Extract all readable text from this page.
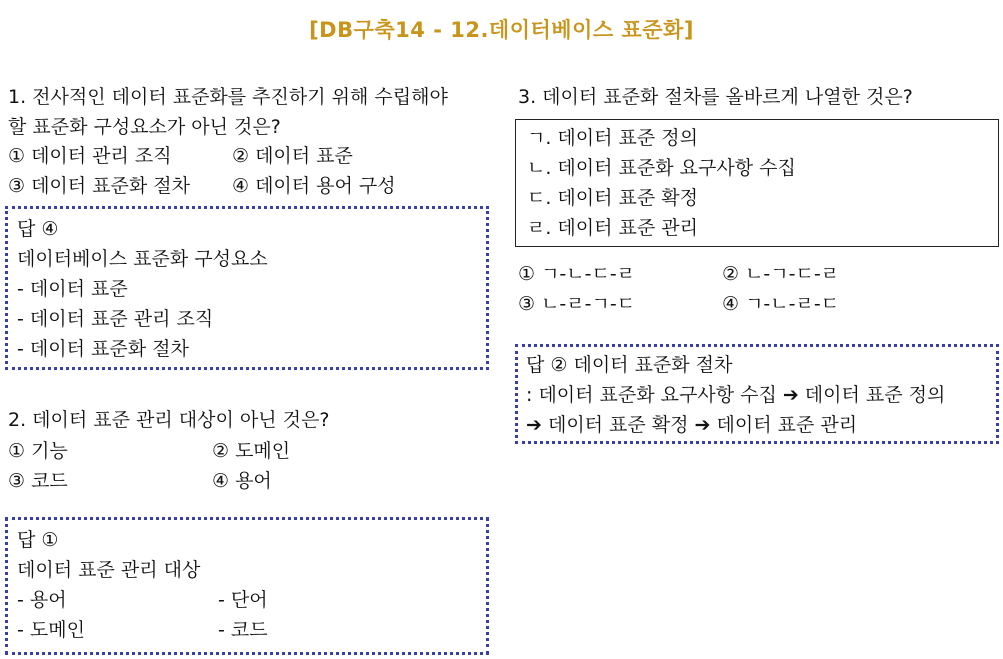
[DB구축14 - 12.데이터베이스 표준화]
1. 전사적인 데이터 표준화를 추진하기 위해 수립해야
할 표준화 구성요소가 아닌 것은?
① 데이터 관리 조직	② 데이터 표준
③ 데이터 표준화 절차 ④ 데이터 용어 구성
답 ④
데이터베이스 표준화 구성요소
- 데이터 표준
- 데이터 표준 관리 조직
- 데이터 표준화 절차
2. 데이터 표준 관리 대상이 아닌 것은?
① 기능	② 도메인
③ 코드	④ 용어
답 ①
데이터 표준 관리 대상
- 용어	- 단어
- 도메인	- 코드
3. 데이터 표준화 절차를 올바르게 나열한 것은?
ㄱ. 데이터 표준 정의
ㄴ. 데이터 표준화 요구사항 수집
ㄷ. 데이터 표준 확정
ㄹ. 데이터 표준 관리
① ㄱ-ㄴ-ㄷ-ㄹ	② ㄴ-ㄱ-ㄷ-ㄹ
③ ㄴ-ㄹ-ㄱ-ㄷ	④ ㄱ-ㄴ-ㄹ-ㄷ
답 ② 데이터 표준화 절차
: 데이터 표준화 요구사항 수집 ➔ 데이터 표준 정의
➔ 데이터 표준 확정 ➔ 데이터 표준 관리
